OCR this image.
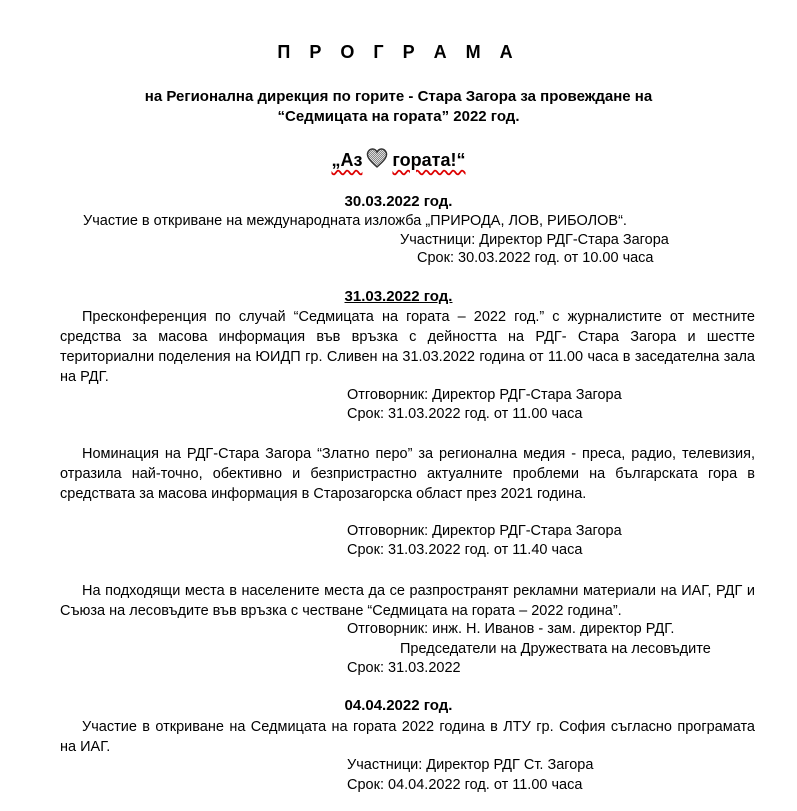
П Р О Г Р А М А
на Регионална дирекция по горите - Стара Загора за провеждане на
“Седмицата на гората” 2022 год.
„Аз гората!“
30.03.2022 год.
Участие в откриване на международната изложба „ПРИРОДА, ЛОВ, РИБОЛОВ“.
Участници: Директор РДГ-Стара Загора
Срок: 30.03.2022 год. от 10.00 часа
31.03.2022 год.
Пресконференция по случай “Седмицата на гората – 2022 год.” с журналистите от местните средства за масова информация във връзка с дейността на РДГ- Стара Загора и шестте териториални поделения на ЮИДП гр. Сливен на 31.03.2022 година от 11.00 часа в заседателна зала на РДГ.
Отговорник: Директор РДГ-Стара Загора
Срок: 31.03.2022 год. от 11.00 часа
Номинация на РДГ-Стара Загора “Златно перо” за регионална медия - преса, радио, телевизия, отразила най-точно, обективно и безпристрастно актуалните проблеми на българската гора в средствата за масова информация в Старозагорска област през 2021 година.
Отговорник: Директор РДГ-Стара Загора
Срок: 31.03.2022 год. от 11.40 часа
На подходящи места в населените места да се разпространят рекламни материали на ИАГ, РДГ и Съюза на лесовъдите във връзка с честване “Седмицата на гората – 2022 година”.
Отговорник: инж. Н. Иванов - зам. директор РДГ.
Председатели на Дружествата на лесовъдите
Срок: 31.03.2022
04.04.2022 год.
Участие в откриване на Седмицата на гората 2022 година в ЛТУ гр. София съгласно програмата на ИАГ.
Участници: Директор РДГ Ст. Загора
Срок: 04.04.2022 год. от 11.00 часа
